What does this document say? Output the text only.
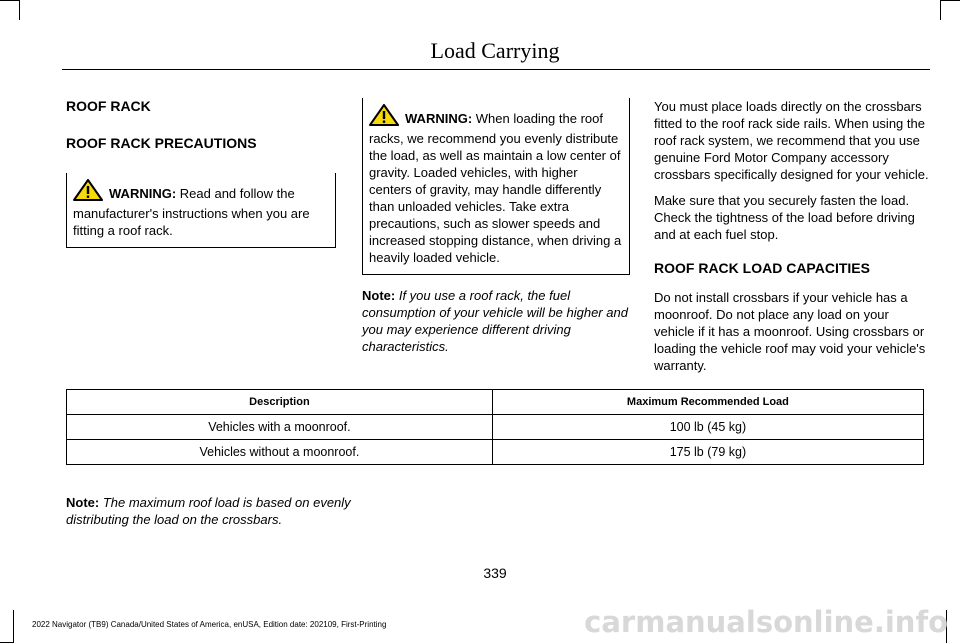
Load Carrying

ROOF RACK

ROOF RACK PRECAUTIONS

WARNING: Read and follow the manufacturer's instructions when you are fitting a roof rack.
WARNING: When loading the roof racks, we recommend you evenly distribute the load, as well as maintain a low center of gravity. Loaded vehicles, with higher centers of gravity, may handle differently than unloaded vehicles. Take extra precautions, such as slower speeds and increased stopping distance, when driving a heavily loaded vehicle.

Note: If you use a roof rack, the fuel consumption of your vehicle will be higher and you may experience different driving characteristics.

You must place loads directly on the crossbars fitted to the roof rack side rails. When using the roof rack system, we recommend that you use genuine Ford Motor Company accessory crossbars specifically designed for your vehicle.

Make sure that you securely fasten the load. Check the tightness of the load before driving and at each fuel stop.

ROOF RACK LOAD CAPACITIES

Do not install crossbars if your vehicle has a moonroof. Do not place any load on your vehicle if it has a moonroof. Using crossbars or loading the vehicle roof may void your vehicle's warranty.

Description	Maximum Recommended Load
Vehicles with a moonroof.	100 lb (45 kg)
Vehicles without a moonroof.	175 lb (79 kg)

Note: The maximum roof load is based on evenly distributing the load on the crossbars.

339
2022 Navigator (TB9) Canada/United States of America, enUSA, Edition date: 202109, First-Printing	carmanualsonline.info
